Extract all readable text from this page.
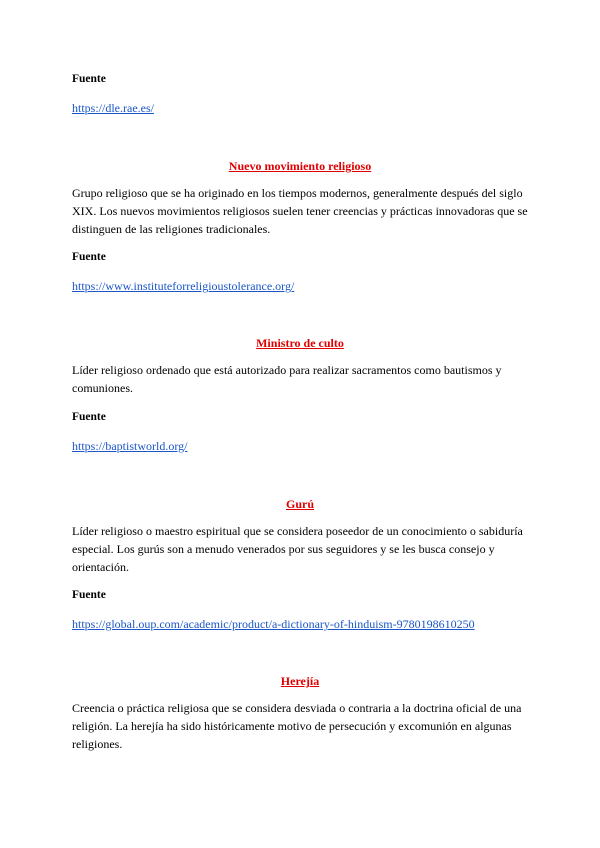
Fuente

https://dle.rae.es/

Nuevo movimiento religioso

Grupo religioso que se ha originado en los tiempos modernos, generalmente después del siglo XIX. Los nuevos movimientos religiosos suelen tener creencias y prácticas innovadoras que se distinguen de las religiones tradicionales.

Fuente

https://www.instituteforreligioustolerance.org/

Ministro de culto

Líder religioso ordenado que está autorizado para realizar sacramentos como bautismos y comuniones.

Fuente

https://baptistworld.org/

Gurú

Líder religioso o maestro espiritual que se considera poseedor de un conocimiento o sabiduría especial. Los gurús son a menudo venerados por sus seguidores y se les busca consejo y orientación.

Fuente

https://global.oup.com/academic/product/a-dictionary-of-hinduism-9780198610250

Herejía

Creencia o práctica religiosa que se considera desviada o contraria a la doctrina oficial de una religión. La herejía ha sido históricamente motivo de persecución y excomunión en algunas religiones.
